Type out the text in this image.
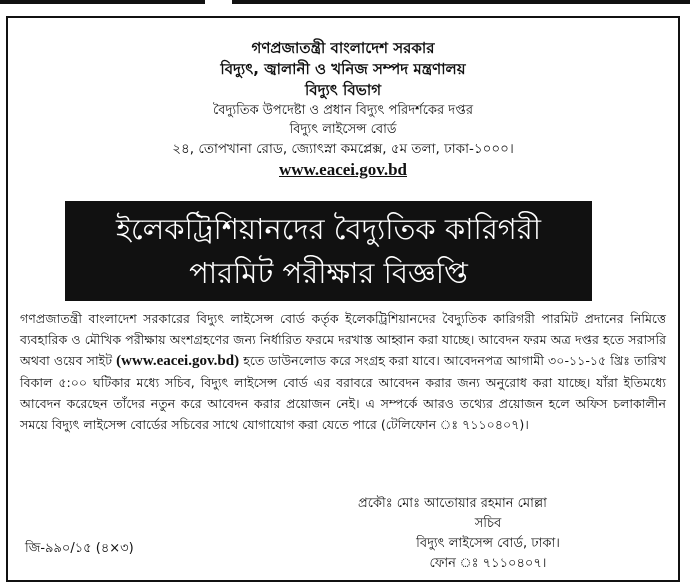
গণপ্রজাতন্ত্রী বাংলাদেশ সরকার
বিদ্যুৎ, জ্বালানী ও খনিজ সম্পদ মন্ত্রণালয়
বিদ্যুৎ বিভাগ
বৈদ্যুতিক উপদেষ্টা ও প্রধান বিদ্যুৎ পরিদর্শকের দপ্তর
বিদ্যুৎ লাইসেন্স বোর্ড
২৪, তোপখানা রোড, জ্যোৎস্না কমপ্লেক্স, ৫ম তলা, ঢাকা-১০০০।
www.eacei.gov.bd
ইলেকট্রিশিয়ানদের বৈদ্যুতিক কারিগরী
পারমিট পরীক্ষার বিজ্ঞপ্তি
গণপ্রজাতন্ত্রী বাংলাদেশ সরকারের বিদ্যুৎ লাইসেন্স বোর্ড কর্তৃক ইলেকট্রিশিয়ানদের বৈদ্যুতিক কারিগরী পারমিট প্রদানের নিমিত্তে ব্যবহারিক ও মৌখিক পরীক্ষায় অংশগ্রহণের জন্য নির্ধারিত ফরমে দরখাস্ত আহ্বান করা যাচ্ছে। আবেদন ফরম অত্র দপ্তর হতে সরাসরি অথবা ওয়েব সাইট (www.eacei.gov.bd) হতে ডাউনলোড করে সংগ্রহ করা যাবে। আবেদনপত্র আগামী ৩০-১১-১৫ খ্রিঃ তারিখ বিকাল ৫:০০ ঘটিকার মধ্যে সচিব, বিদ্যুৎ লাইসেন্স বোর্ড এর বরাবরে আবেদন করার জন্য অনুরোধ করা যাচ্ছে। যাঁরা ইতিমধ্যে আবেদন করেছেন তাঁদের নতুন করে আবেদন করার প্রয়োজন নেই। এ সম্পর্কে আরও তথ্যের প্রয়োজন হলে অফিস চলাকালীন সময়ে বিদ্যুৎ লাইসেন্স বোর্ডের সচিবের সাথে যোগাযোগ করা যেতে পারে (টেলিফোন ঃ ৭১১০৪০৭)।
জি-৯৯০/১৫ (৪×৩)
প্রকৌঃ মোঃ আতোয়ার রহমান মোল্লা
সচিব
বিদ্যুৎ লাইসেন্স বোর্ড, ঢাকা।
ফোন ঃ ৭১১০৪০৭।
